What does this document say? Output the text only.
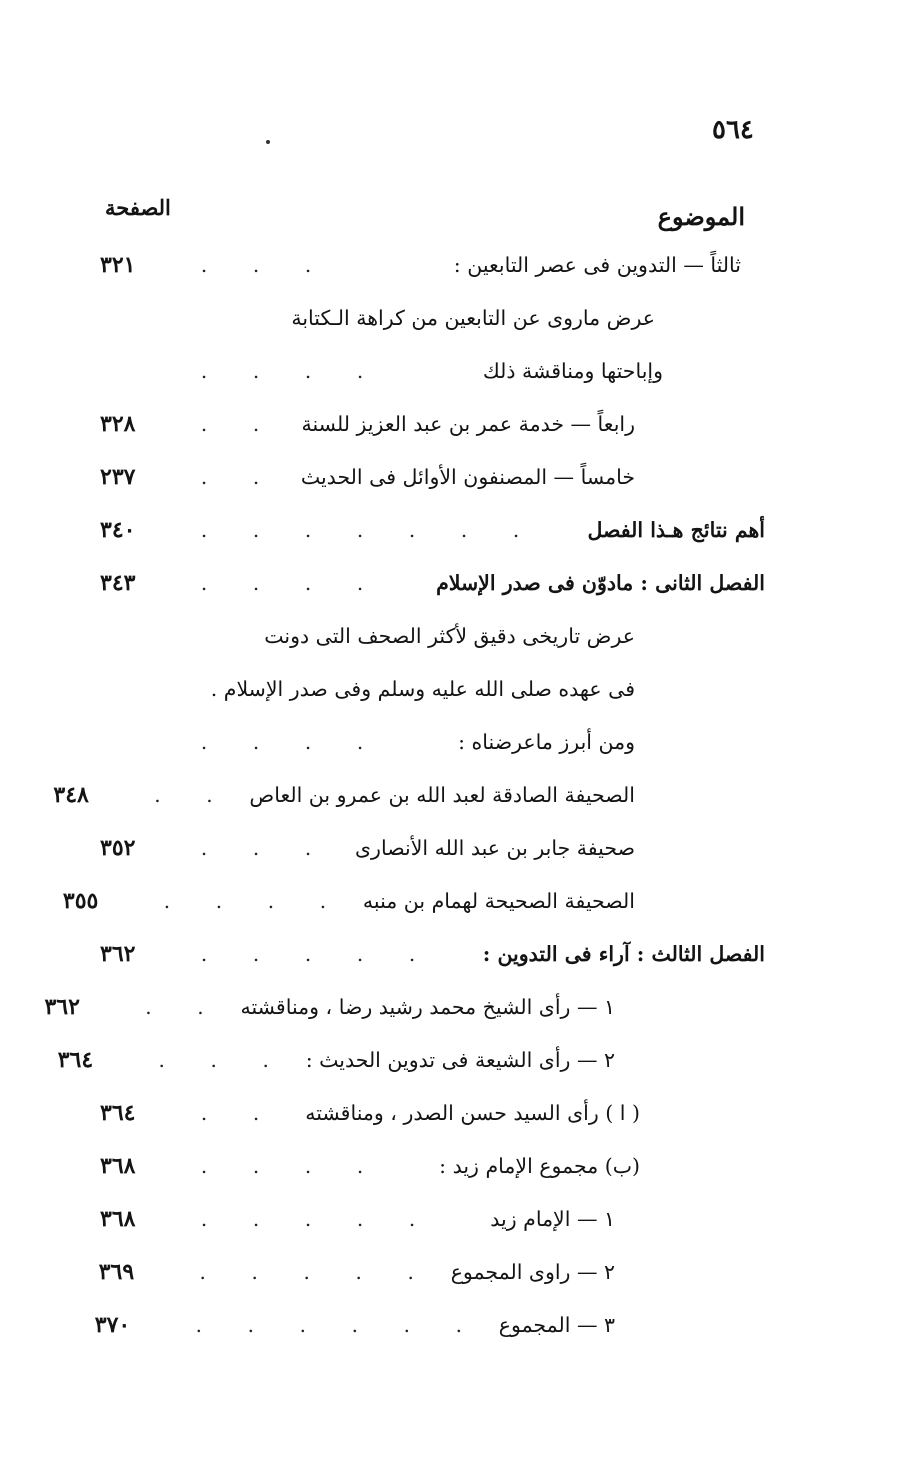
٥٦٤
الموضوع
الصفحة
ثالثاً — التدوين فى عصر التابعين :
. . .
٣٢١
عرض ماروى عن التابعين من كراهة الـكتابة
وإباحتها ومناقشة ذلك
. . . .
رابعاً — خدمة عمر بن عبد العزيز للسنة
. .
٣٢٨
خامساً — المصنفون الأوائل فى الحديث
. .
٢٣٧
أهم نتائج هـذا الفصل
. . . . . . .
٣٤٠
الفصل الثانى : مادوّن فى صدر الإسلام
. . . .
٣٤٣
عرض تاريخى دقيق لأكثر الصحف التى دونت
فى عهده صلى الله عليه وسلم وفى صدر الإسلام .
ومن أبرز ماعرضناه :
. . . .
الصحيفة الصادقة لعبد الله بن عمرو بن العاص
. .
٣٤٨
صحيفة جابر بن عبد الله الأنصارى
. . .
٣٥٢
الصحيفة الصحيحة لهمام بن منبه
. . . .
٣٥٥
الفصل الثالث : آراء فى التدوين :
. . . . .
٣٦٢
١ — رأى الشيخ محمد رشيد رضا ، ومناقشته
. .
٣٦٢
٢ — رأى الشيعة فى تدوين الحديث :
. . .
٣٦٤
( ا ) رأى السيد حسن الصدر ، ومناقشته
. .
٣٦٤
(ب) مجموع الإمام زيد :
. . . .
٣٦٨
١ — الإمام زيد
. . . . .
٣٦٨
٢ — راوى المجموع
. . . . .
٣٦٩
٣ — المجموع
. . . . . .
٣٧٠
